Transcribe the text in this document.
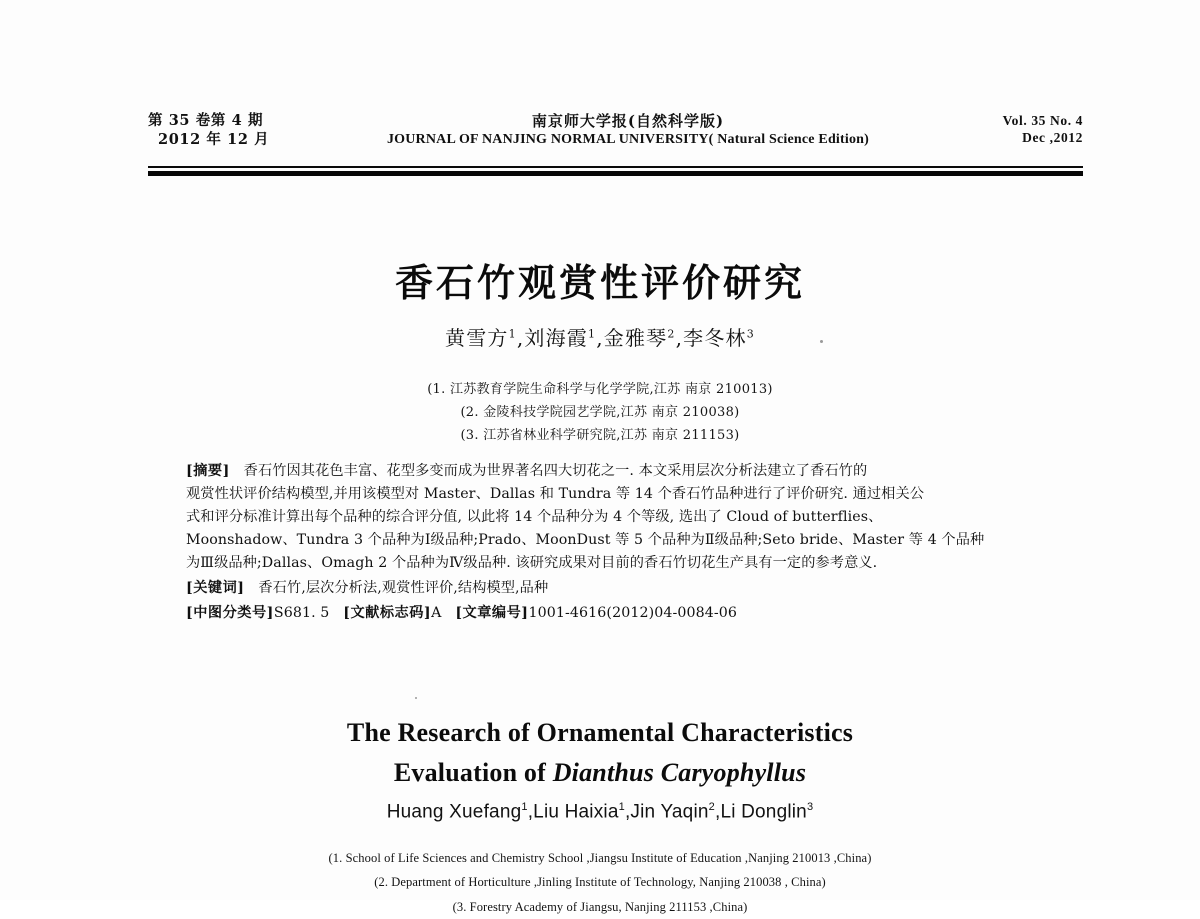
第 35 卷第 4 期
2012 年 12 月
南京师大学报(自然科学版)
JOURNAL OF NANJING NORMAL UNIVERSITY( Natural Science Edition)
Vol. 35 No. 4
Dec ,2012
香石竹观赏性评价研究
黄雪方$^1$,刘海霞$^1$,金雅琴$^2$,李冬林$^3$
(1. 江苏教育学院生命科学与化学学院,江苏 南京 210013)
(2. 金陵科技学院园艺学院,江苏 南京 210038)
(3. 江苏省林业科学研究院,江苏 南京 211153)
[摘要] 香石竹因其花色丰富、花型多变而成为世界著名四大切花之一. 本文采用层次分析法建立了香石竹的
观赏性状评价结构模型,并用该模型对 Master、Dallas 和 Tundra 等 14 个香石竹品种进行了评价研究. 通过相关公
式和评分标准计算出每个品种的综合评分值, 以此将 14 个品种分为 4 个等级, 选出了 Cloud of butterflies、
Moonshadow、Tundra 3 个品种为Ⅰ级品种;Prado、MoonDust 等 5 个品种为Ⅱ级品种;Seto bride、Master 等 4 个品种
为Ⅲ级品种;Dallas、Omagh 2 个品种为Ⅳ级品种. 该研究成果对目前的香石竹切花生产具有一定的参考意义.
[关键词] 香石竹,层次分析法,观赏性评价,结构模型,品种
[中图分类号]S681. 5 [文献标志码]A [文章编号]1001-4616(2012)04-0084-06
The Research of Ornamental Characteristics
Evaluation of Dianthus Caryophyllus
Huang Xuefang$^1$,Liu Haixia$^1$,Jin Yaqin$^2$,Li Donglin$^3$
(1. School of Life Sciences and Chemistry School ,Jiangsu Institute of Education ,Nanjing 210013 ,China)
(2. Department of Horticulture ,Jinling Institute of Technology, Nanjing 210038 , China)
(3. Forestry Academy of Jiangsu, Nanjing 211153 ,China)
